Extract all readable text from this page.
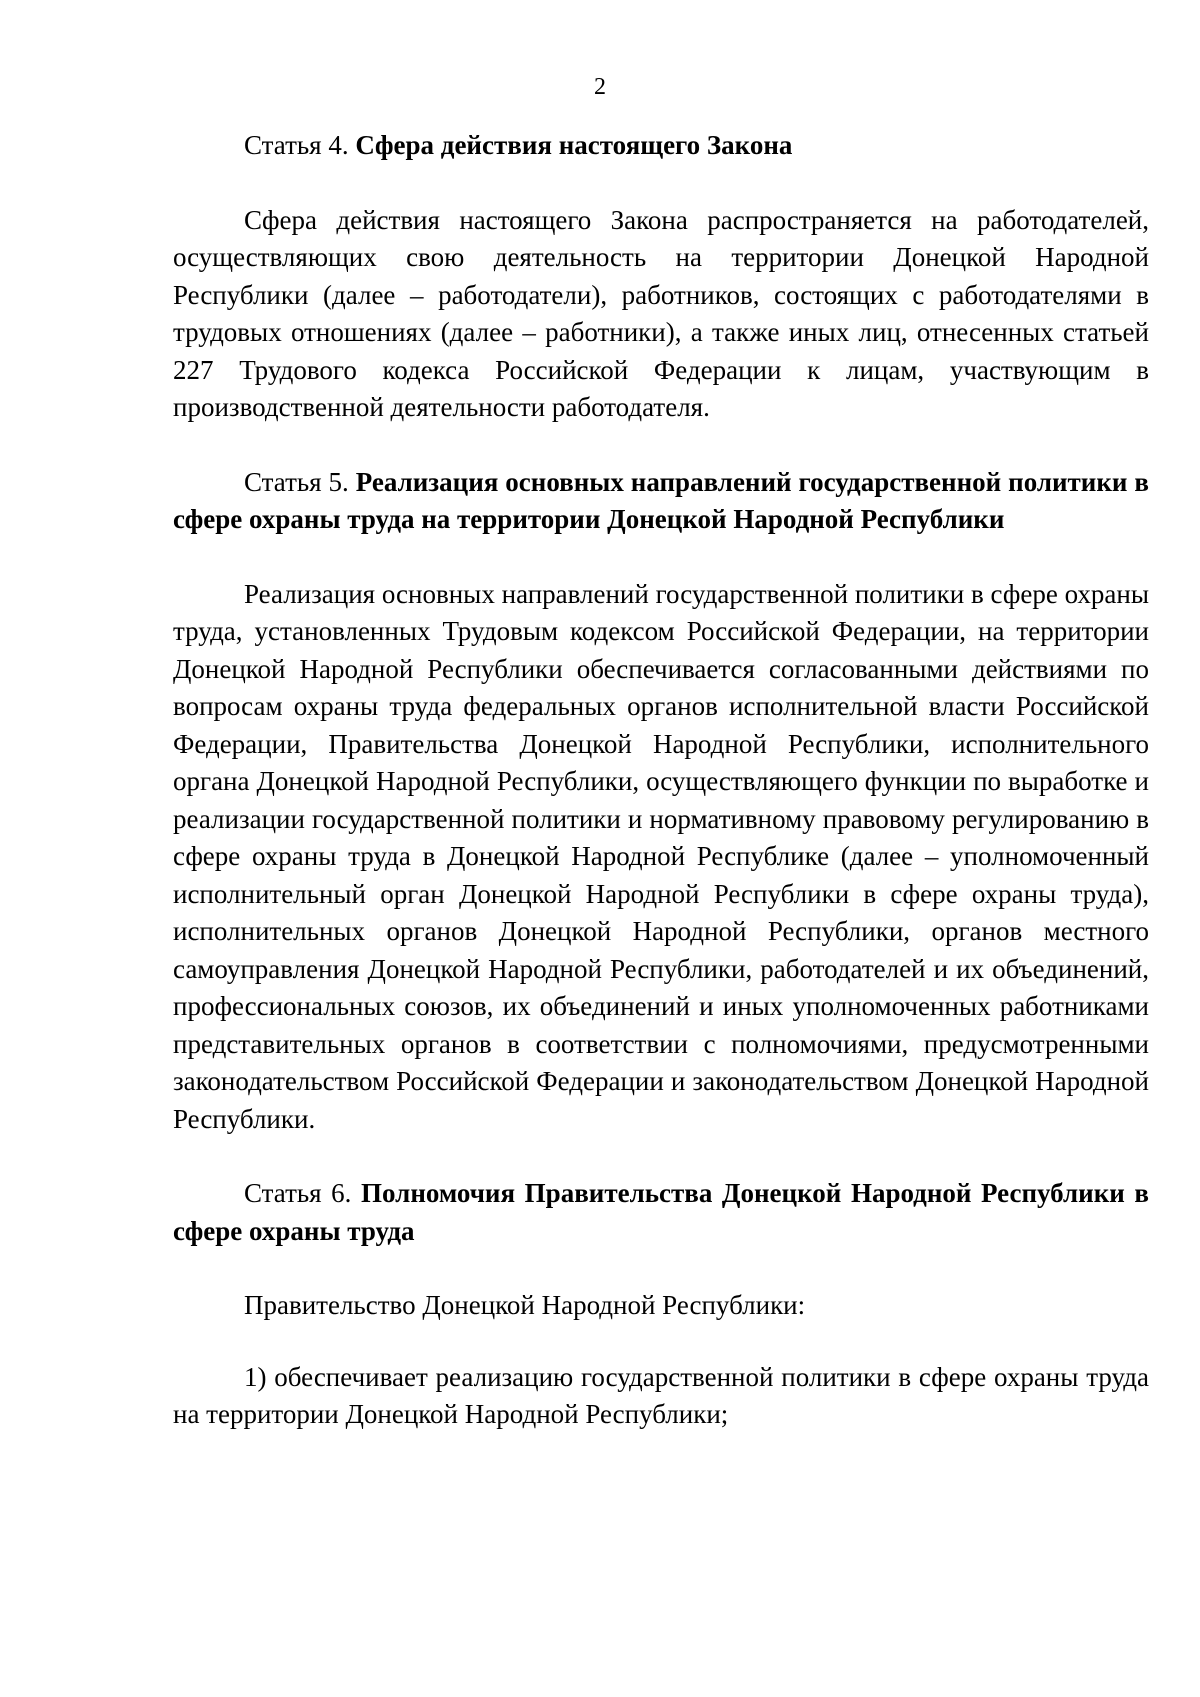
2

Статья 4. Сфера действия настоящего Закона

Сфера действия настоящего Закона распространяется на работодателей, осуществляющих свою деятельность на территории Донецкой Народной Республики (далее – работодатели), работников, состоящих с работодателями в трудовых отношениях (далее – работники), а также иных лиц, отнесенных статьей 227 Трудового кодекса Российской Федерации к лицам, участвующим в производственной деятельности работодателя.

Статья 5. Реализация основных направлений государственной политики в сфере охраны труда на территории Донецкой Народной Республики

Реализация основных направлений государственной политики в сфере охраны труда, установленных Трудовым кодексом Российской Федерации, на территории Донецкой Народной Республики обеспечивается согласованными действиями по вопросам охраны труда федеральных органов исполнительной власти Российской Федерации, Правительства Донецкой Народной Республики, исполнительного органа Донецкой Народной Республики, осуществляющего функции по выработке и реализации государственной политики и нормативному правовому регулированию в сфере охраны труда в Донецкой Народной Республике (далее – уполномоченный исполнительный орган Донецкой Народной Республики в сфере охраны труда), исполнительных органов Донецкой Народной Республики, органов местного самоуправления Донецкой Народной Республики, работодателей и их объединений, профессиональных союзов, их объединений и иных уполномоченных работниками представительных органов в соответствии с полномочиями, предусмотренными законодательством Российской Федерации и законодательством Донецкой Народной Республики.

Статья 6. Полномочия Правительства Донецкой Народной Республики в сфере охраны труда

Правительство Донецкой Народной Республики:

1) обеспечивает реализацию государственной политики в сфере охраны труда на территории Донецкой Народной Республики;
